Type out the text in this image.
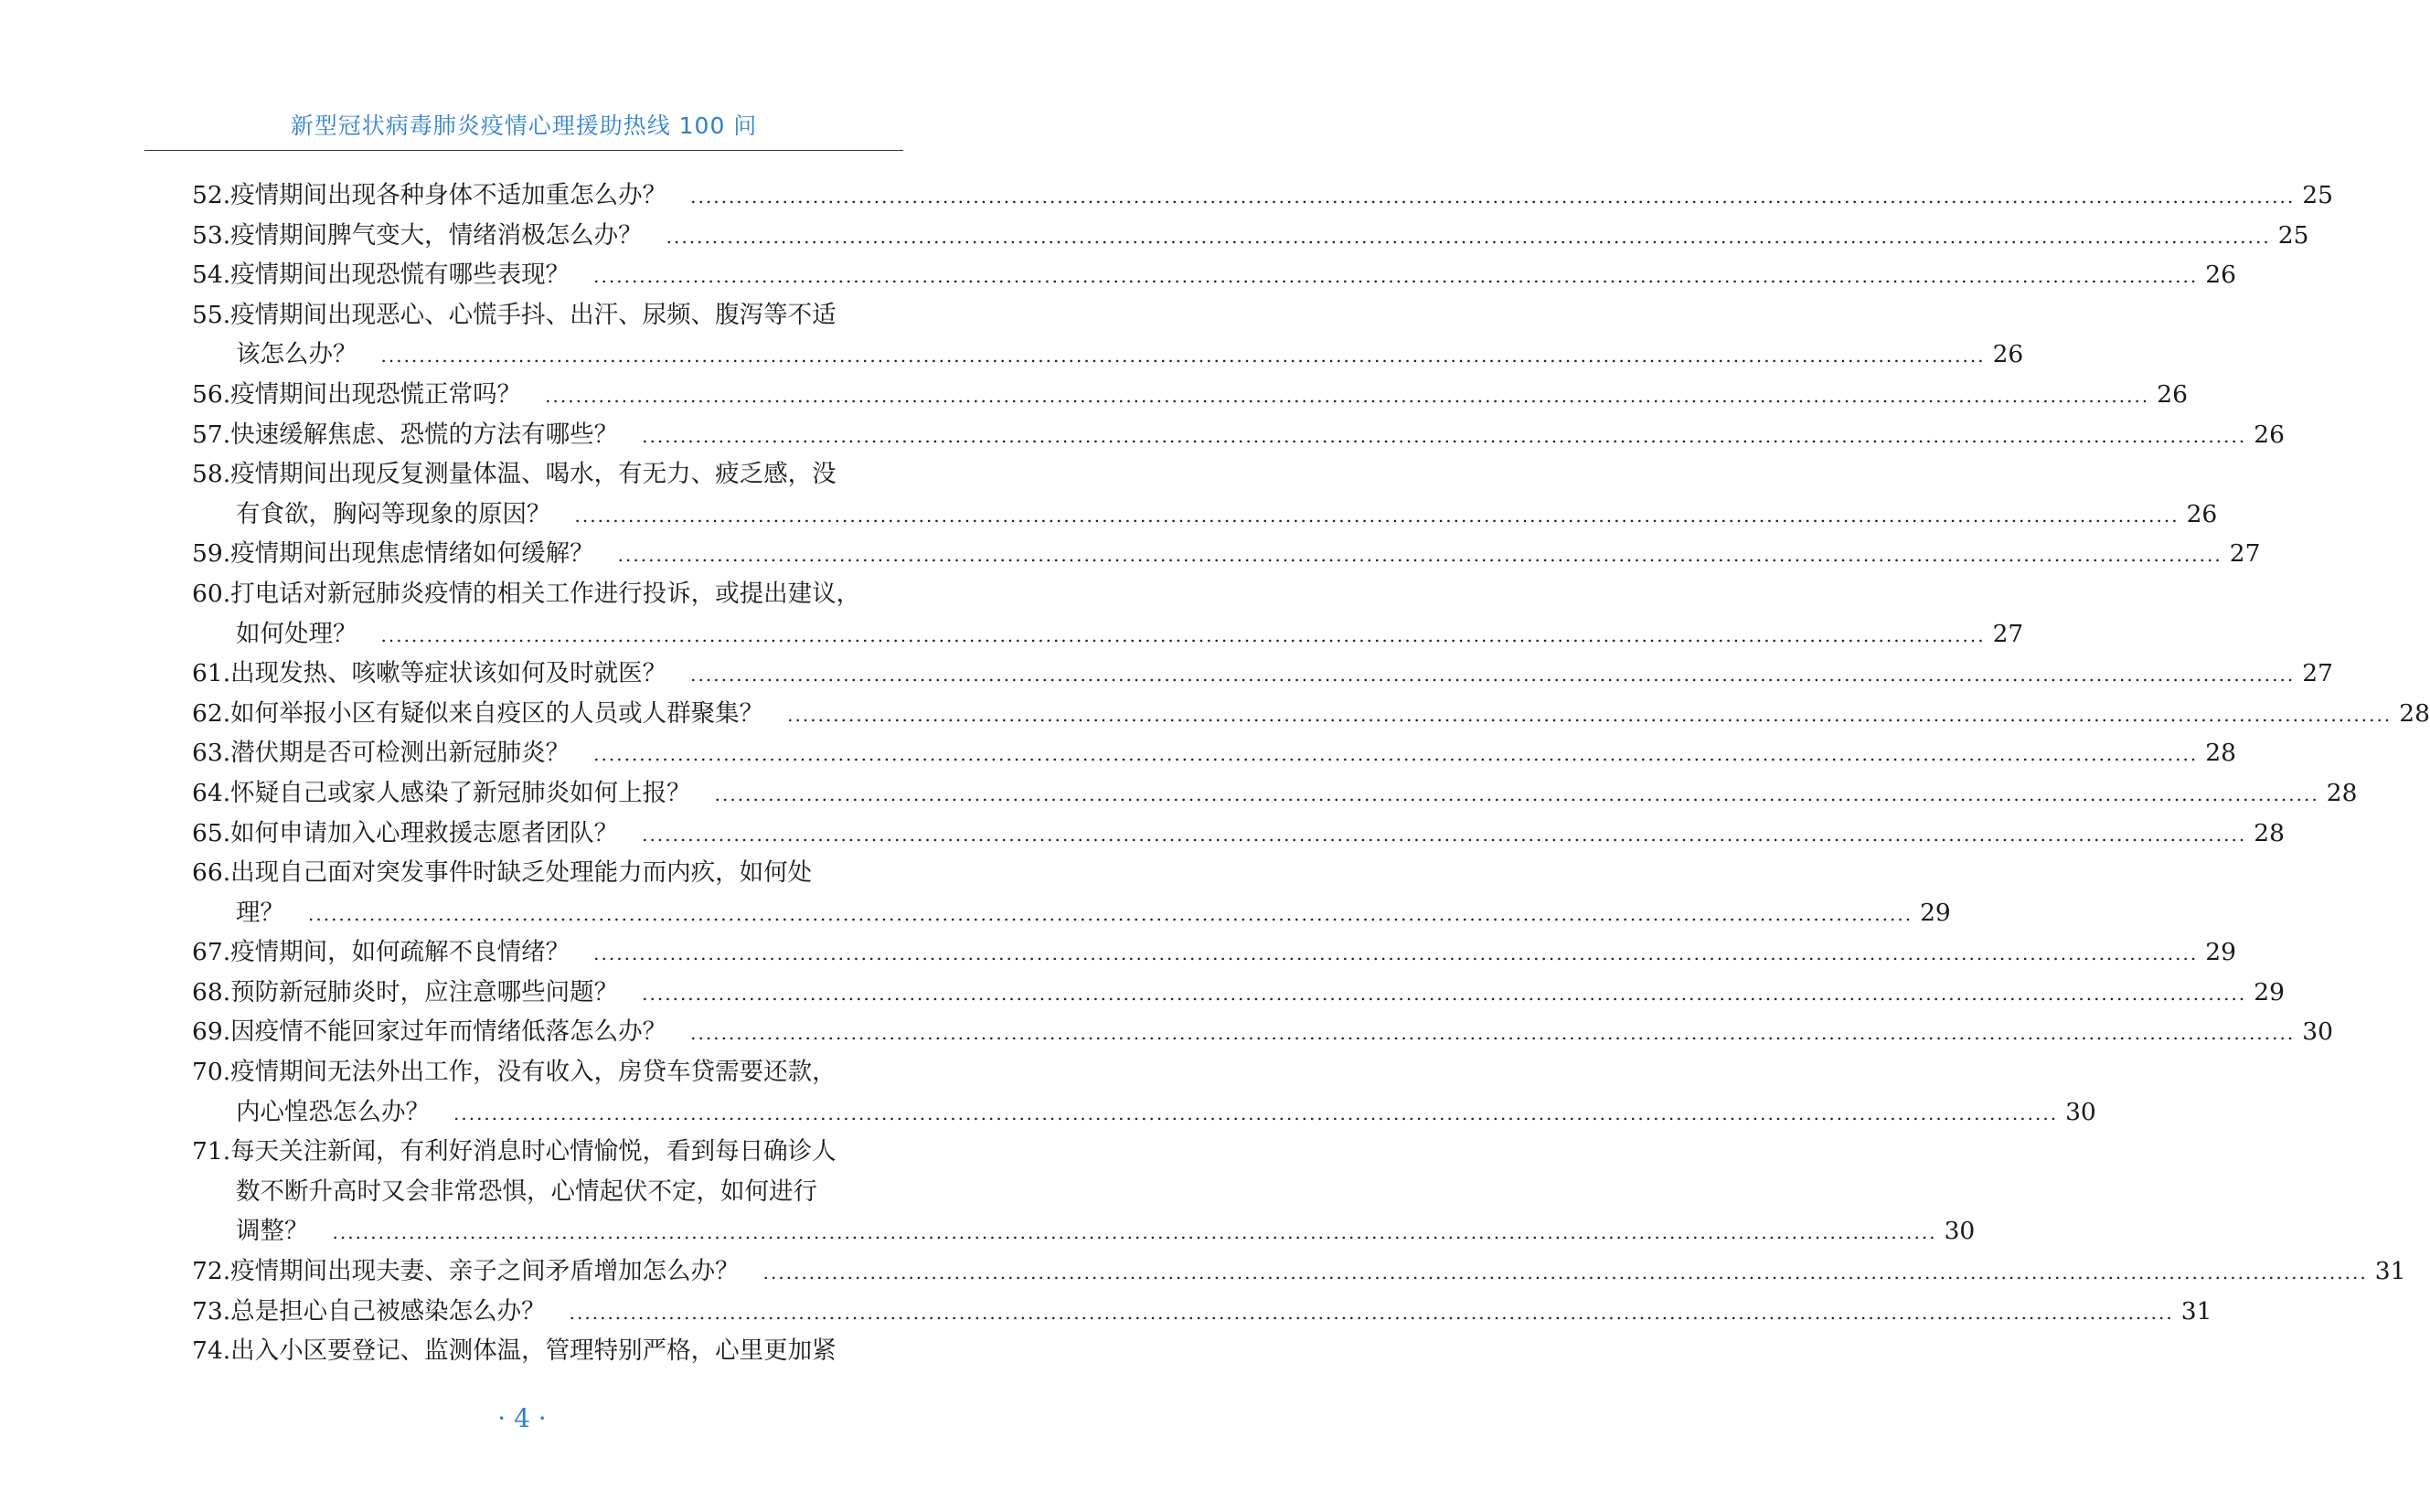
新型冠状病毒肺炎疫情心理援助热线 100 问
52. 疫情期间出现各种身体不适加重怎么办？ .....	25
53. 疫情期间脾气变大，情绪消极怎么办？ .....	25
54. 疫情期间出现恐慌有哪些表现？ .....	26
55. 疫情期间出现恶心、心慌手抖、出汗、尿频、腹泻等不适
该怎么办？ .....	26
56. 疫情期间出现恐慌正常吗？ .....	26
57. 快速缓解焦虑、恐慌的方法有哪些？ .....	26
58. 疫情期间出现反复测量体温、喝水，有无力、疲乏感，没
有食欲，胸闷等现象的原因？ .....	26
59. 疫情期间出现焦虑情绪如何缓解？ .....	27
60. 打电话对新冠肺炎疫情的相关工作进行投诉，或提出建议，
如何处理？ .....	27
61. 出现发热、咳嗽等症状该如何及时就医？ .....	27
62. 如何举报小区有疑似来自疫区的人员或人群聚集？ .....	28
63. 潜伏期是否可检测出新冠肺炎？ .....	28
64. 怀疑自己或家人感染了新冠肺炎如何上报？ .....	28
65. 如何申请加入心理救援志愿者团队？ .....	28
66. 出现自己面对突发事件时缺乏处理能力而内疚，如何处
理？ .....	29
67. 疫情期间，如何疏解不良情绪？ .....	29
68. 预防新冠肺炎时，应注意哪些问题？ .....	29
69. 因疫情不能回家过年而情绪低落怎么办？ .....	30
70. 疫情期间无法外出工作，没有收入，房贷车贷需要还款，
内心惶恐怎么办？ .....	30
71. 每天关注新闻，有利好消息时心情愉悦，看到每日确诊人
数不断升高时又会非常恐惧，心情起伏不定，如何进行
调整？ .....	30
72. 疫情期间出现夫妻、亲子之间矛盾增加怎么办？ .....	31
73. 总是担心自己被感染怎么办？ .....	31
74. 出入小区要登记、监测体温，管理特别严格，心里更加紧
· 4 ·
